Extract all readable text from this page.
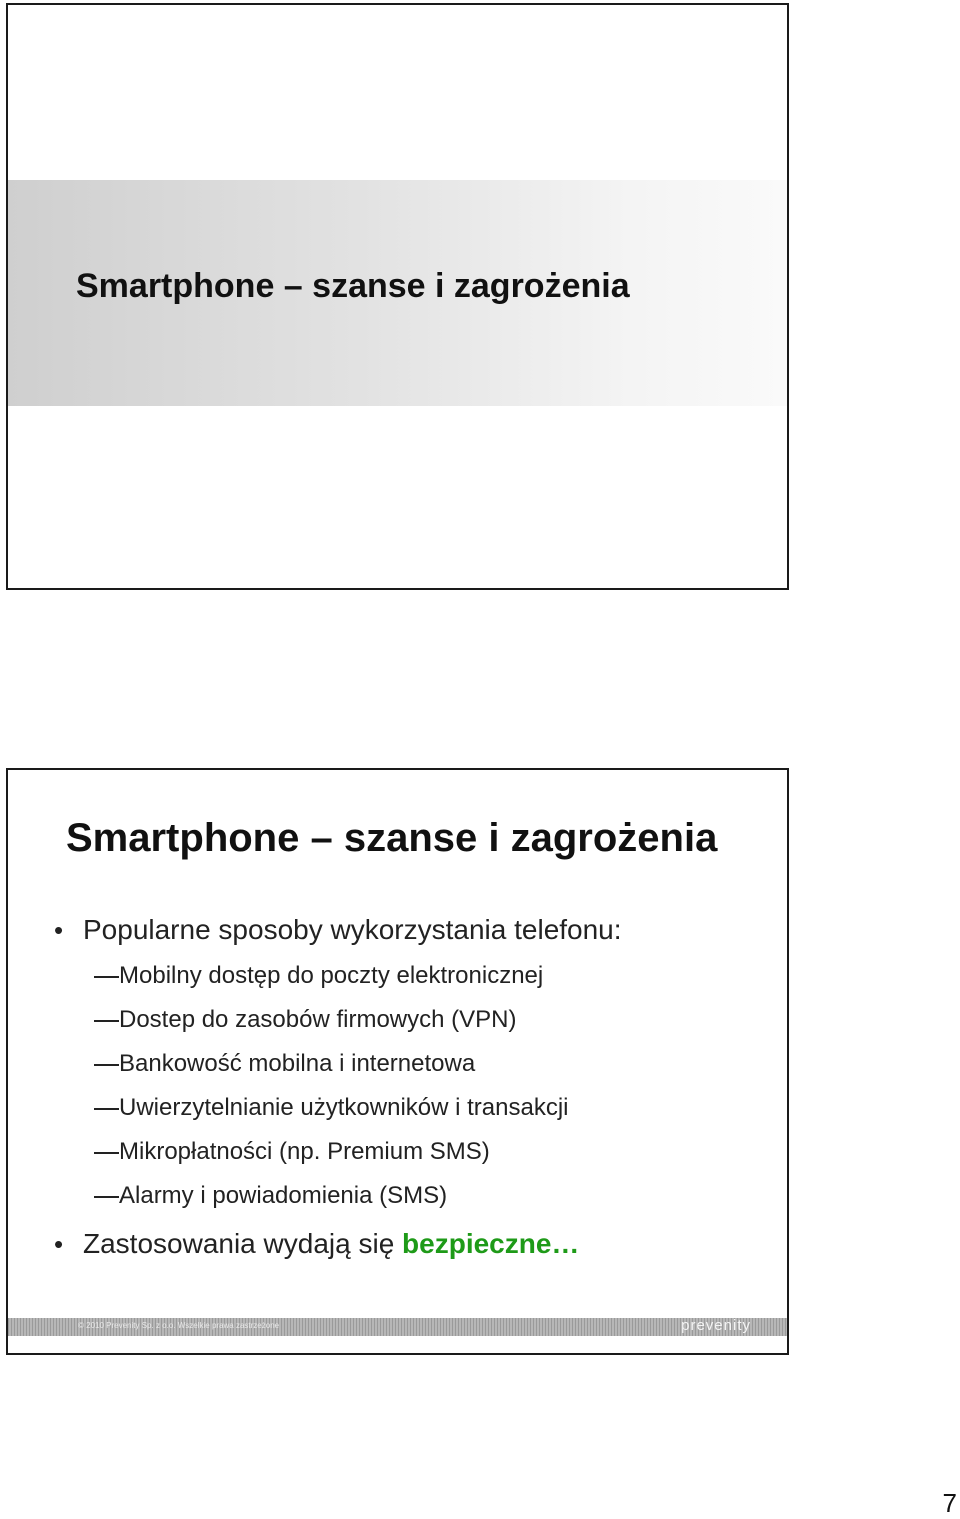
Smartphone – szanse i zagrożenia
Smartphone – szanse i zagrożenia
• Popularne sposoby wykorzystania telefonu:
Mobilny dostęp do poczty elektronicznej
Dostep do zasobów firmowych (VPN)
Bankowość mobilna i internetowa
Uwierzytelnianie użytkowników i transakcji
Mikropłatności (np. Premium SMS)
Alarmy i powiadomienia (SMS)
• Zastosowania wydają się bezpieczne…
© 2010 Prevenity Sp. z o.o. Wszelkie prawa zastrzeżone	prevenity
7
